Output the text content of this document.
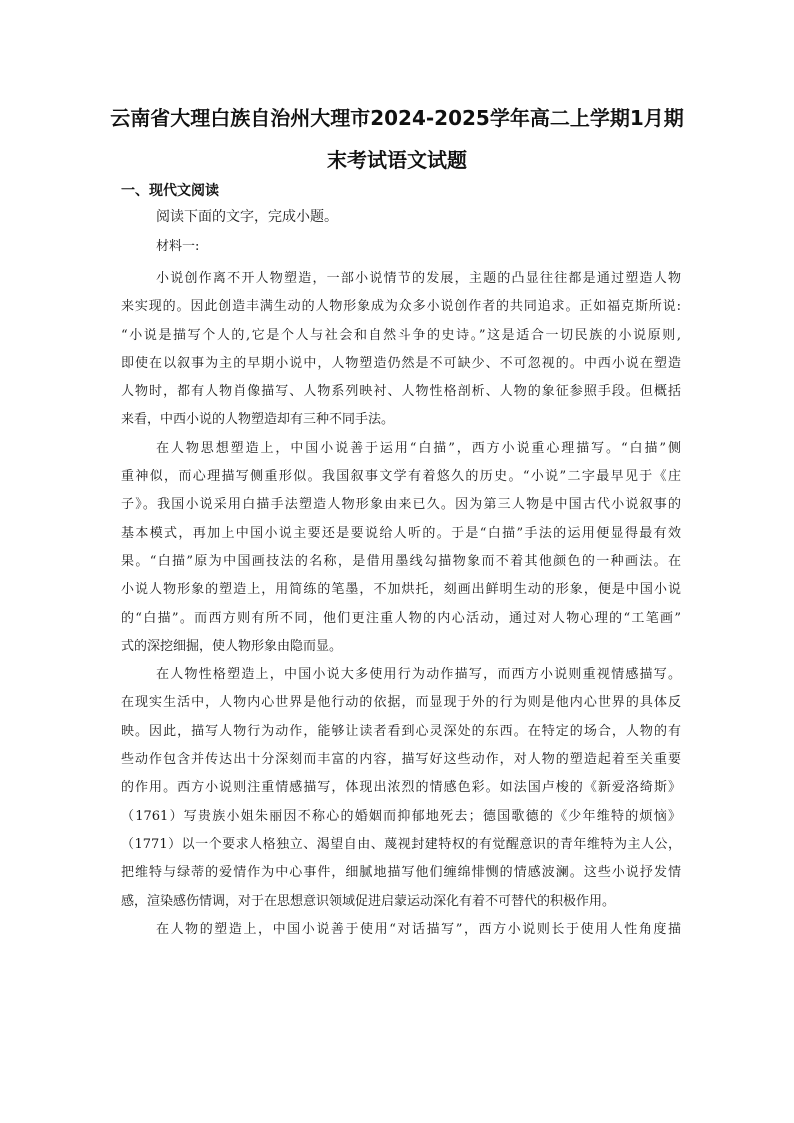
云南省大理白族自治州大理市2024-2025学年高二上学期1月期
末考试语文试题
一、现代文阅读
阅读下面的文字，完成小题。
材料一:
小说创作离不开人物塑造，一部小说情节的发展，主题的凸显往往都是通过塑造人物
来实现的。因此创造丰满生动的人物形象成为众多小说创作者的共同追求。正如福克斯所说:
“小说是描写个人的,它是个人与社会和自然斗争的史诗。”这是适合一切民族的小说原则,
即使在以叙事为主的早期小说中，人物塑造仍然是不可缺少、不可忽视的。中西小说在塑造
人物时，都有人物肖像描写、人物系列映衬、人物性格剖析、人物的象征参照手段。但概括
来看，中西小说的人物塑造却有三种不同手法。
在人物思想塑造上，中国小说善于运用“白描”，西方小说重心理描写。“白描”侧
重神似，而心理描写侧重形似。我国叙事文学有着悠久的历史。“小说”二字最早见于《庄
子》。我国小说采用白描手法塑造人物形象由来已久。因为第三人物是中国古代小说叙事的
基本模式，再加上中国小说主要还是要说给人听的。于是“白描”手法的运用便显得最有效
果。“白描”原为中国画技法的名称，是借用墨线勾描物象而不着其他颜色的一种画法。在
小说人物形象的塑造上，用简练的笔墨，不加烘托，刻画出鲜明生动的形象，便是中国小说
的“白描”。而西方则有所不同，他们更注重人物的内心活动，通过对人物心理的“工笔画”
式的深挖细掘，使人物形象由隐而显。
在人物性格塑造上，中国小说大多使用行为动作描写，而西方小说则重视情感描写。
在现实生活中，人物内心世界是他行动的依据，而显现于外的行为则是他内心世界的具体反
映。因此，描写人物行为动作，能够让读者看到心灵深处的东西。在特定的场合，人物的有
些动作包含并传达出十分深刻而丰富的内容，描写好这些动作，对人物的塑造起着至关重要
的作用。西方小说则注重情感描写，体现出浓烈的情感色彩。如法国卢梭的《新爱洛绮斯》
（1761）写贵族小姐朱丽因不称心的婚姻而抑郁地死去；德国歌德的《少年维特的烦恼》
（1771）以一个要求人格独立、渴望自由、蔑视封建特权的有觉醒意识的青年维特为主人公，
把维特与绿蒂的爱情作为中心事件，细腻地描写他们缠绵悱恻的情感波澜。这些小说抒发情
感，渲染感伤情调，对于在思想意识领域促进启蒙运动深化有着不可替代的积极作用。
在人物的塑造上，中国小说善于使用“对话描写”，西方小说则长于使用人性角度描
